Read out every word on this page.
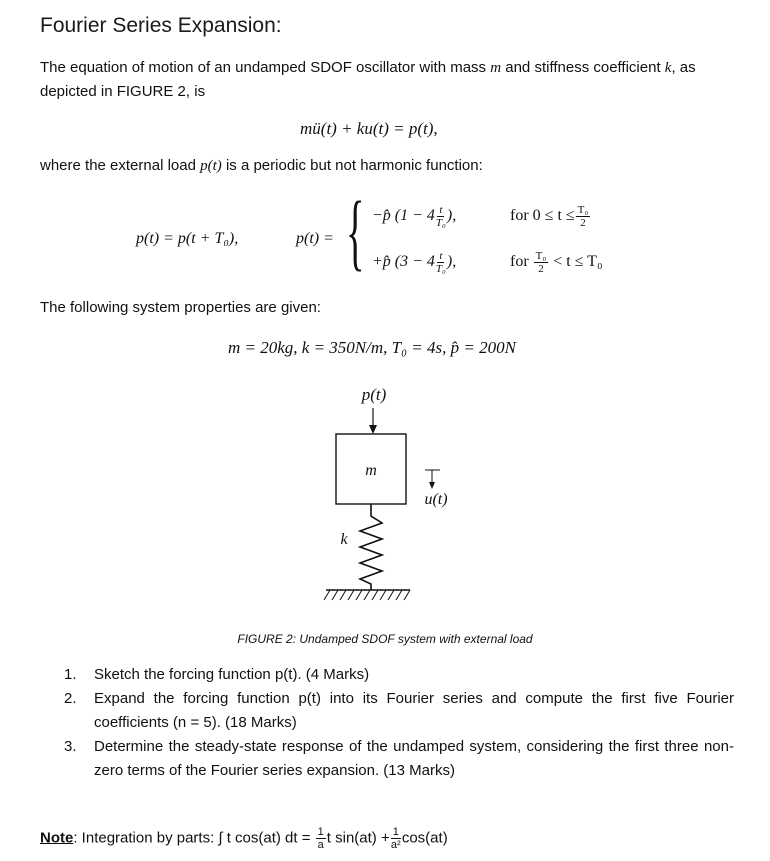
Fourier Series Expansion:
The equation of motion of an undamped SDOF oscillator with mass m and stiffness coefficient k, as depicted in FIGURE 2, is
mü(t) + ku(t) = p(t),
where the external load p(t) is a periodic but not harmonic function:
p(t) = p(t + T₀),	p(t) = { −p̂ ($1 - 4 \frac{t}{\text{T₀}}$ ),	for $0 \le t \le \frac{\text{T₀}}{2}$
+p̂ ($3 - 4 \frac{t}{\text{T₀}}$ ),	for $\frac{\text{T₀}}{2} < t \le T_0$
The following system properties are given:
m = 20kg, k = 350N/m, T₀ = 4s, p̂ = 200N
p(t)
m
u(t)
k
FIGURE 2: Undamped SDOF system with external load
1.	Sketch the forcing function p(t). (4 Marks)
2.	Expand the forcing function p(t) into its Fourier series and compute the first five Fourier coefficients (n = 5). (18 Marks)
3.	Determine the steady-state response of the undamped system, considering the first three non-zero terms of the Fourier series expansion. (13 Marks)
Note: Integration by parts: ∫ t cos(at) dt = $\frac{1}{a}$ t $\sin(at) + \frac{1}{\text{a²}} \cos(at)$
